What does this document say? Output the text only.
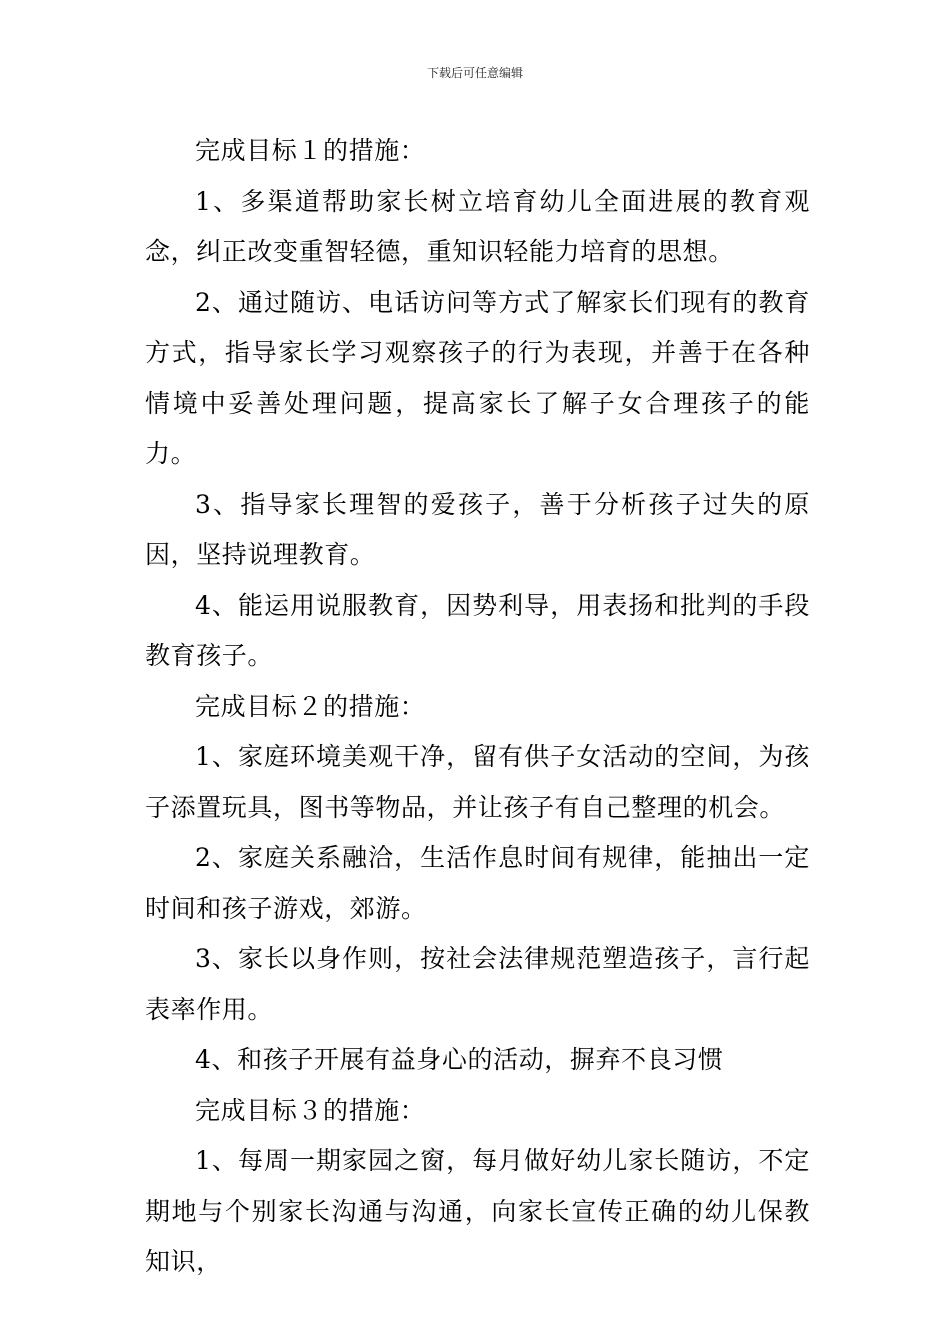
下载后可任意编辑

完成目标１的措施：

1、多渠道帮助家长树立培育幼儿全面进展的教育观念，纠正改变重智轻德，重知识轻能力培育的思想。

2、通过随访、电话访问等方式了解家长们现有的教育方式，指导家长学习观察孩子的行为表现，并善于在各种情境中妥善处理问题，提高家长了解子女合理孩子的能力。

3、指导家长理智的爱孩子，善于分析孩子过失的原因，坚持说理教育。

4、能运用说服教育，因势利导，用表扬和批判的手段教育孩子。

完成目标２的措施：

1、家庭环境美观干净，留有供子女活动的空间，为孩子添置玩具，图书等物品，并让孩子有自己整理的机会。

2、家庭关系融洽，生活作息时间有规律，能抽出一定时间和孩子游戏，郊游。

3、家长以身作则，按社会法律规范塑造孩子，言行起表率作用。

4、和孩子开展有益身心的活动，摒弃不良习惯

完成目标３的措施：

1、每周一期家园之窗，每月做好幼儿家长随访，不定期地与个别家长沟通与沟通，向家长宣传正确的幼儿保教知识，
